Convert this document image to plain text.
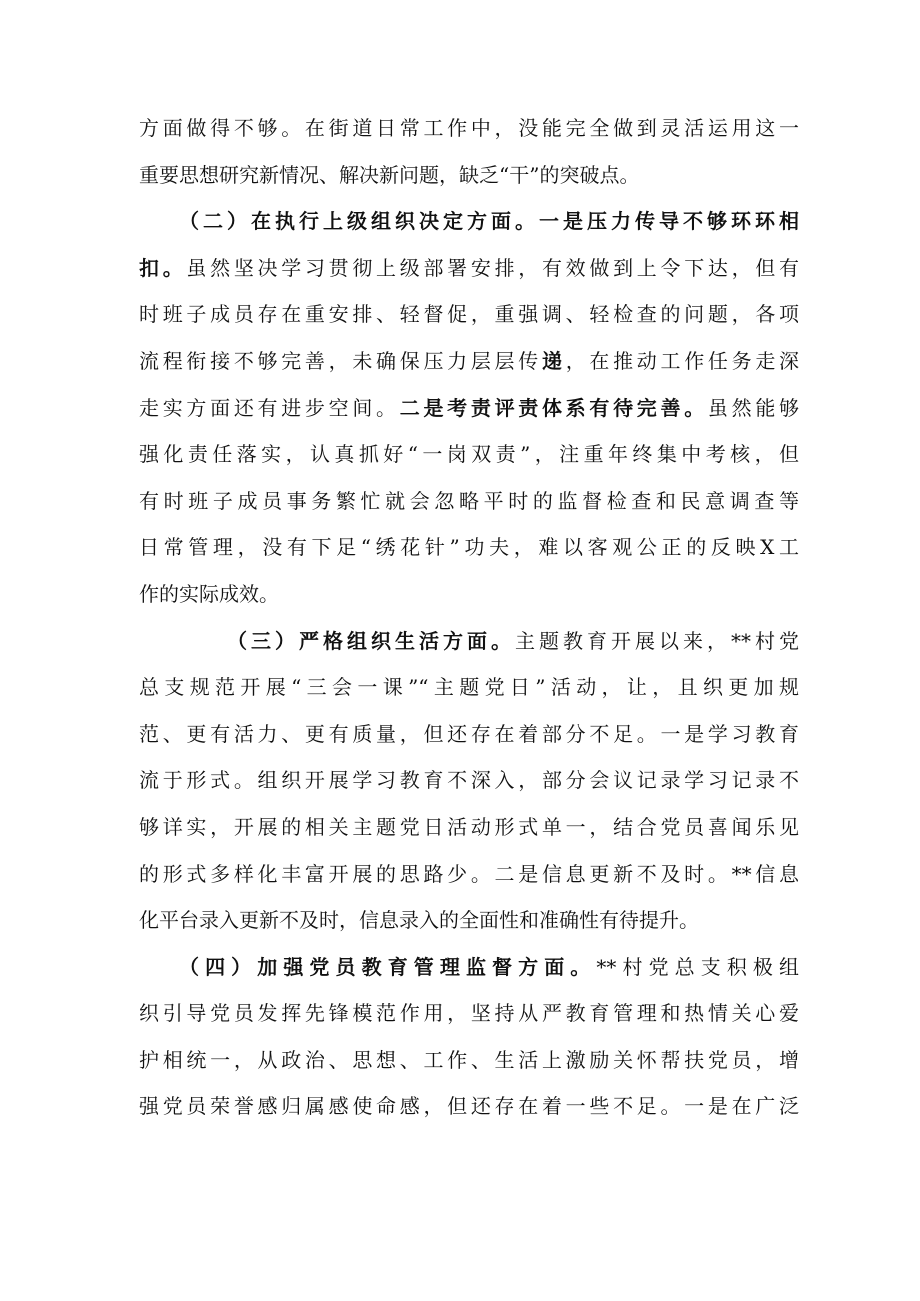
方面做得不够。在街道日常工作中，没能完全做到灵活运用这一
重要思想研究新情况、解决新问题，缺乏“干”的突破点。
（二）在执行上级组织决定方面。一是压力传导不够环环相
扣。虽然坚决学习贯彻上级部署安排，有效做到上令下达，但有
时班子成员存在重安排、轻督促，重强调、轻检查的问题，各项
流程衔接不够完善，未确保压力层层传递，在推动工作任务走深
走实方面还有进步空间。二是考责评责体系有待完善。虽然能够
强化责任落实，认真抓好“一岗双责”，注重年终集中考核，但
有时班子成员事务繁忙就会忽略平时的监督检查和民意调查等
日常管理，没有下足“绣花针”功夫，难以客观公正的反映X工
作的实际成效。
（三）严格组织生活方面。主题教育开展以来，**村党
总支规范开展“三会一课”“主题党日”活动，让，且织更加规
范、更有活力、更有质量，但还存在着部分不足。一是学习教育
流于形式。组织开展学习教育不深入，部分会议记录学习记录不
够详实，开展的相关主题党日活动形式单一，结合党员喜闻乐见
的形式多样化丰富开展的思路少。二是信息更新不及时。**信息
化平台录入更新不及时，信息录入的全面性和准确性有待提升。
（四）加强党员教育管理监督方面。**村党总支积极组
织引导党员发挥先锋模范作用，坚持从严教育管理和热情关心爱
护相统一，从政治、思想、工作、生活上激励关怀帮扶党员，增
强党员荣誉感归属感使命感，但还存在着一些不足。一是在广泛
